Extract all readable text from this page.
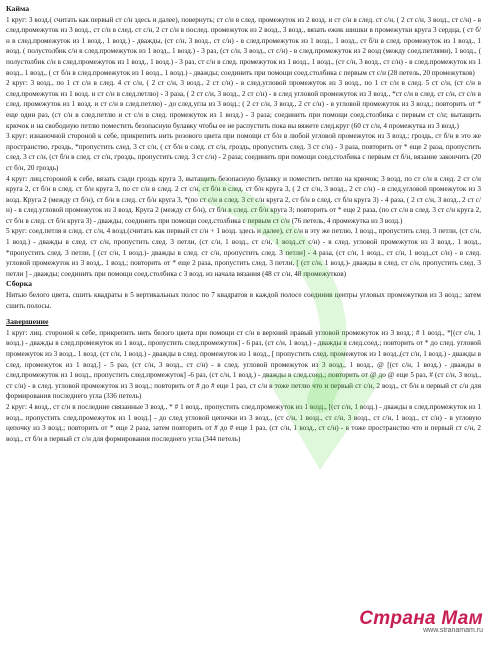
Кайма

1 круг: 3 возд.( считать как первый ст с/н здесь и далее), повернуть; ст с/н в след. промежуток из 2 возд. и ст с/н в след. ст с/н, ( 2 ст с/н, 3 возд., ст с/н) - в след.промежуток из 3 возд., ст с/н в след. ст с/н, 2 ст с/н в послед. промежуток из 2 возд., 3 возд., вязать ежик шишки в промежутки круга 3 сердца, ( ст б/н в след.промежуток из 1 возд., 1 возд.) - дважды, (ст с/н, 3 возд., ст с/н) - в след.промежуток из 1 возд., 1 возд., ст б/н в след. промежуток из 1 возд., 1 возд. ( полустолбик с/н в след.промежуток из 1 возд., 1 возд.) - 3 раз, (ст с/н, 3 возд., ст с/н) - в след.промежуток из 2 возд (между соед.петлями), 1 возд., ( полустолбик с/н в след.промежуток из 1 возд., 1 возд.) - 3 раз, ст с/н в след. промежуток из 1 возд., 1 возд., (ст с/н, 3 возд., ст с/н) - в след.промежуток из 1 возд., 1 возд., ( ст б/н в след.промежуток из 1 возд., 1 возд.) - дважды; соединить при помощи соед.столбика с первым ст с/н (28 петель, 20 промежутков)

2 круг: 3 возд., по 1 ст с/н в след. 4 ст с/н, ( 2 ст с/н, 3 возд., 2 ст с/н) - в след.угловой промежуток из 3 возд., по 1 ст с/н в след. 5 ст с/н, (ст с/н в след.промежуток из 1 возд. и ст с/н в след.петлю) - 3 раза, ( 2 ст с/н, 3 возд., 2 ст с/н) - в след угловой промежуток из 3 возд., *ст с/н в след. ст с/н, ст с/н в след. промежуток из 1 возд. и ст с/н в след.петлю) - до след.угла из 3 возд.; ( 2 ст с/н, 3 возд., 2 ст с/н) - в угловой промежуток из 3 возд.; повторить от * еще один раз, (ст с/н в след.петлю и ст с/н в след. промежуток из 1 возд.) - 3 раза; соединить при помощи соед.столбика с первым ст с/н; вытащить крючок и на свободную петлю поместить безопасную булавку чтобы ее не распустить пока вы вяжете след.круг (60 ст с/н, 4 промежутка из 3 возд.)

3 круг: изнаночной стороной к себе, прикрепить нить розового цвета при помощи ст б/н в любой угловой промежуток из 3 возд.; гроздь, ст б/н в это же пространство, гроздь, *пропустить след. 3 ст с/н, ( ст б/н в след. ст с/н, гроздь, пропустить след. 3 ст с/н) - 3 раза, повторить от * еще 2 раза, пропустить след. 3 ст с/н, (ст б/н в след. ст с/н, гроздь, пропустить след. 3 ст с/н) - 2 раза; соединить при помощи соед.столбика с первым ст б/н, вязание закончить (20 ст б/н, 20 гроздь)

4 круг: лиц.стороной к себе, вязать сзади гроздь круга 3, вытащить безопасную булавку и поместить петлю на крючок; 3 возд, по ст с/н в след. 2 ст с/н круга 2, ст б/н в след. ст б/н круга 3, по ст с/н в след. 2 ст с/н, ст б/н в след. ст б/н круга 3, ( 2 ст с/н, 3 возд., 2 ст с/н) - в след.угловой промежуток из 3 возд. Круга 2 (между ст б/н), ст б/н в след. ст б/н круга 3, *(по ст с/н в след. 3 ст с/н круга 2, ст б/н в след. ст б/н круга 3) - 4 раза, ( 2 ст с/н, 3 возд., 2 ст с/н) - в след.угловой промежуток из 3 возд. Круга 2 (между ст б/н), ст б/н в след. ст б/н круга 3; повторить от * еще 2 раза, (по ст с/н в след. 3 ст с/н круга 2, ст б/н в след. ст б/н круга 3) - дважды, соединить при помощи соед.столбика с первым ст с/н (76 петель, 4 промежутка из 3 возд.)

5 круг: соед.петля в след. ст с/н, 4 возд.(считать как первый ст с/н + 1 возд. здесь и далее), ст с/н в эту же петлю, 1 возд., пропустить след. 3 петли, (ст с/н, 1 возд.) - дважды в след. ст с/н, пропустить след. 3 петли, (ст с/н, 1 возд., ст с/н, 1 возд.,ст с/н) - в след. угловой промежуток из 3 возд., 1 возд., *пропустить след. 3 петли, [ (ст с/н, 1 возд.)- дважды в след. ст с/н, пропустить след. 3 петли] - 4 раза, (ст с/н, 1 возд., ст с/н, 1 возд.,ст с/н) - в след. угловой промежуток из 3 возд., 1 возд.; повторить от * еще 2 раза, пропустить след. 3 петли, [ (ст с/н, 1 возд.)- дважды в след. ст с/н, пропустить след. 3 петли ] - дважды; соединить при помощи соед.столбика с 3 возд. из начала вязания (48 ст с/н, 48 промежутков)

Сборка

Нитью белого цвета, сшить квадраты в 5 вертикальных полос по 7 квадратов в каждой полосе соединив центры угловых промежутков из 3 возд.; затем сшить полосы.

Завершение

1 круг: лиц. стороной к себе, прикрепить нить белого цвета при помощи ст с/н в верхний правый угловой промежуток из 3 возд.; # 1 возд., *[(ст с/н, 1 возд.) - дважды в след.промежуток из 1 возд., пропустить след.промежуток] - 6 раз, (ст с/н, 1 возд.) - дважды в след.соед.; повторить от * до след. угловой промежуток из 3 возд., 1 возд. (ст с/н, 1 возд.) - дважды в след. промежуток из 1 возд., [ пропустить след. промежуток из 1 возд.,(ст с/н, 1 возд.) - дважды в след. промежуток из 1 возд.] - 5 раз, (ст с/н, 3 возд., ст с/н) - в след. угловой промежуток из 3 возд., 1 возд., @ [(ст с/н, 1 возд.) - дважды в след.промежуток из 1 возд., пропустить след.промежуток] -6 раз, (ст с/н, 1 возд.) - дважды в след.соед.; повторить от @ до @ еще 5 раз, # (ст с/н, 3 возд., ст с/н) - в след. угловой промежуток из 3 возд.; повторить от # до # еще 1 раз, ст с/н в тоже петлю что и первый ст с/н, 2 возд., ст б/н в первый ст с/н для формирования последнего угла (336 петель)

2 круг: 4 возд., ст с/н в последние связанные 3 возд., * # 1 возд., пропустить след.промежуток из 1 возд., [(ст с/н, 1 возд.) - дважды в след.промежуток из 1 возд., пропустить след.промежуток из 1 возд.] - до след угловой цепочки из 3 возд., (ст с/н, 1 возд., ст с/н, 3 возд., ст с/н, 1 возд., ст с/н) - в угловую цепочку из 3 возд.; повторить от * еще 2 раза, затем повторить от # до # еще 1 раз, (ст с/н, 1 возд., ст с/н) - в тоже пространство что и первый ст с/н, 2 возд., ст б/н в первый ст с/н для формирования последнего угла (344 петель)

Страна Мам
www.stranamam.ru
